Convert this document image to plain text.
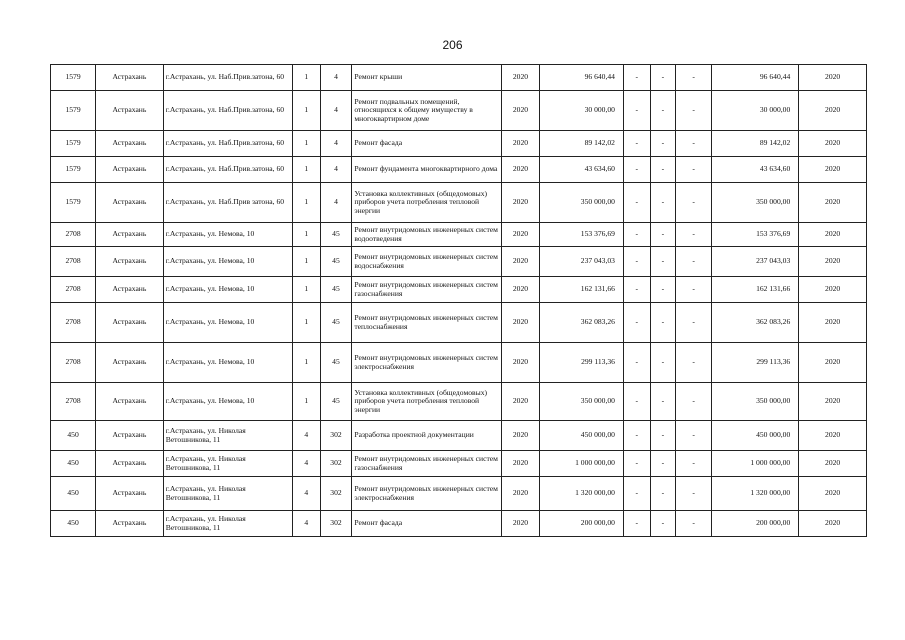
206
1579	Астрахань	г.Астрахань, ул. Наб.Прив.затона, 60	1	4	Ремонт крыши	2020	96 640,44	-	-	-	96 640,44	2020
1579	Астрахань	г.Астрахань, ул. Наб.Прив.затона, 60	1	4	Ремонт подвальных помещений, относящихся к общему имуществу в многоквартирном доме	2020	30 000,00	-	-	-	30 000,00	2020
1579	Астрахань	г.Астрахань, ул. Наб.Прив.затона, 60	1	4	Ремонт фасада	2020	89 142,02	-	-	-	89 142,02	2020
1579	Астрахань	г.Астрахань, ул. Наб.Прив.затона, 60	1	4	Ремонт фундамента многоквартирного дома	2020	43 634,60	-	-	-	43 634,60	2020
1579	Астрахань	г.Астрахань, ул. Наб.Прив затона, 60	1	4	Установка коллективных (общедомовых) приборов учета потребления тепловой энергии	2020	350 000,00	-	-	-	350 000,00	2020
2708	Астрахань	г.Астрахань, ул. Немова, 10	1	45	Ремонт внутридомовых инженерных систем водоотведения	2020	153 376,69	-	-	-	153 376,69	2020
2708	Астрахань	г.Астрахань, ул. Немова, 10	1	45	Ремонт внутридомовых инженерных систем водоснабжения	2020	237 043,03	-	-	-	237 043,03	2020
2708	Астрахань	г.Астрахань, ул. Немова, 10	1	45	Ремонт внутридомовых инженерных систем газоснабжения	2020	162 131,66	-	-	-	162 131,66	2020
2708	Астрахань	г.Астрахань, ул. Немова, 10	1	45	Ремонт внутридомовых инженерных систем теплоснабжения	2020	362 083,26	-	-	-	362 083,26	2020
2708	Астрахань	г.Астрахань, ул. Немова, 10	1	45	Ремонт внутридомовых инженерных систем электроснабжения	2020	299 113,36	-	-	-	299 113,36	2020
2708	Астрахань	г.Астрахань, ул. Немова, 10	1	45	Установка коллективных (общедомовых) приборов учета потребления тепловой энергии	2020	350 000,00	-	-	-	350 000,00	2020
450	Астрахань	г.Астрахань, ул. Николая Ветошникова, 11	4	302	Разработка проектной документации	2020	450 000,00	-	-	-	450 000,00	2020
450	Астрахань	г.Астрахань, ул. Николая Ветошникова, 11	4	302	Ремонт внутридомовых инженерных систем газоснабжения	2020	1 000 000,00	-	-	-	1 000 000,00	2020
450	Астрахань	г.Астрахань, ул. Николая Ветошникова, 11	4	302	Ремонт внутридомовых инженерных систем электроснабжения	2020	1 320 000,00	-	-	-	1 320 000,00	2020
450	Астрахань	г.Астрахань, ул. Николая Ветошникова, 11	4	302	Ремонт фасада	2020	200 000,00	-	-	-	200 000,00	2020
